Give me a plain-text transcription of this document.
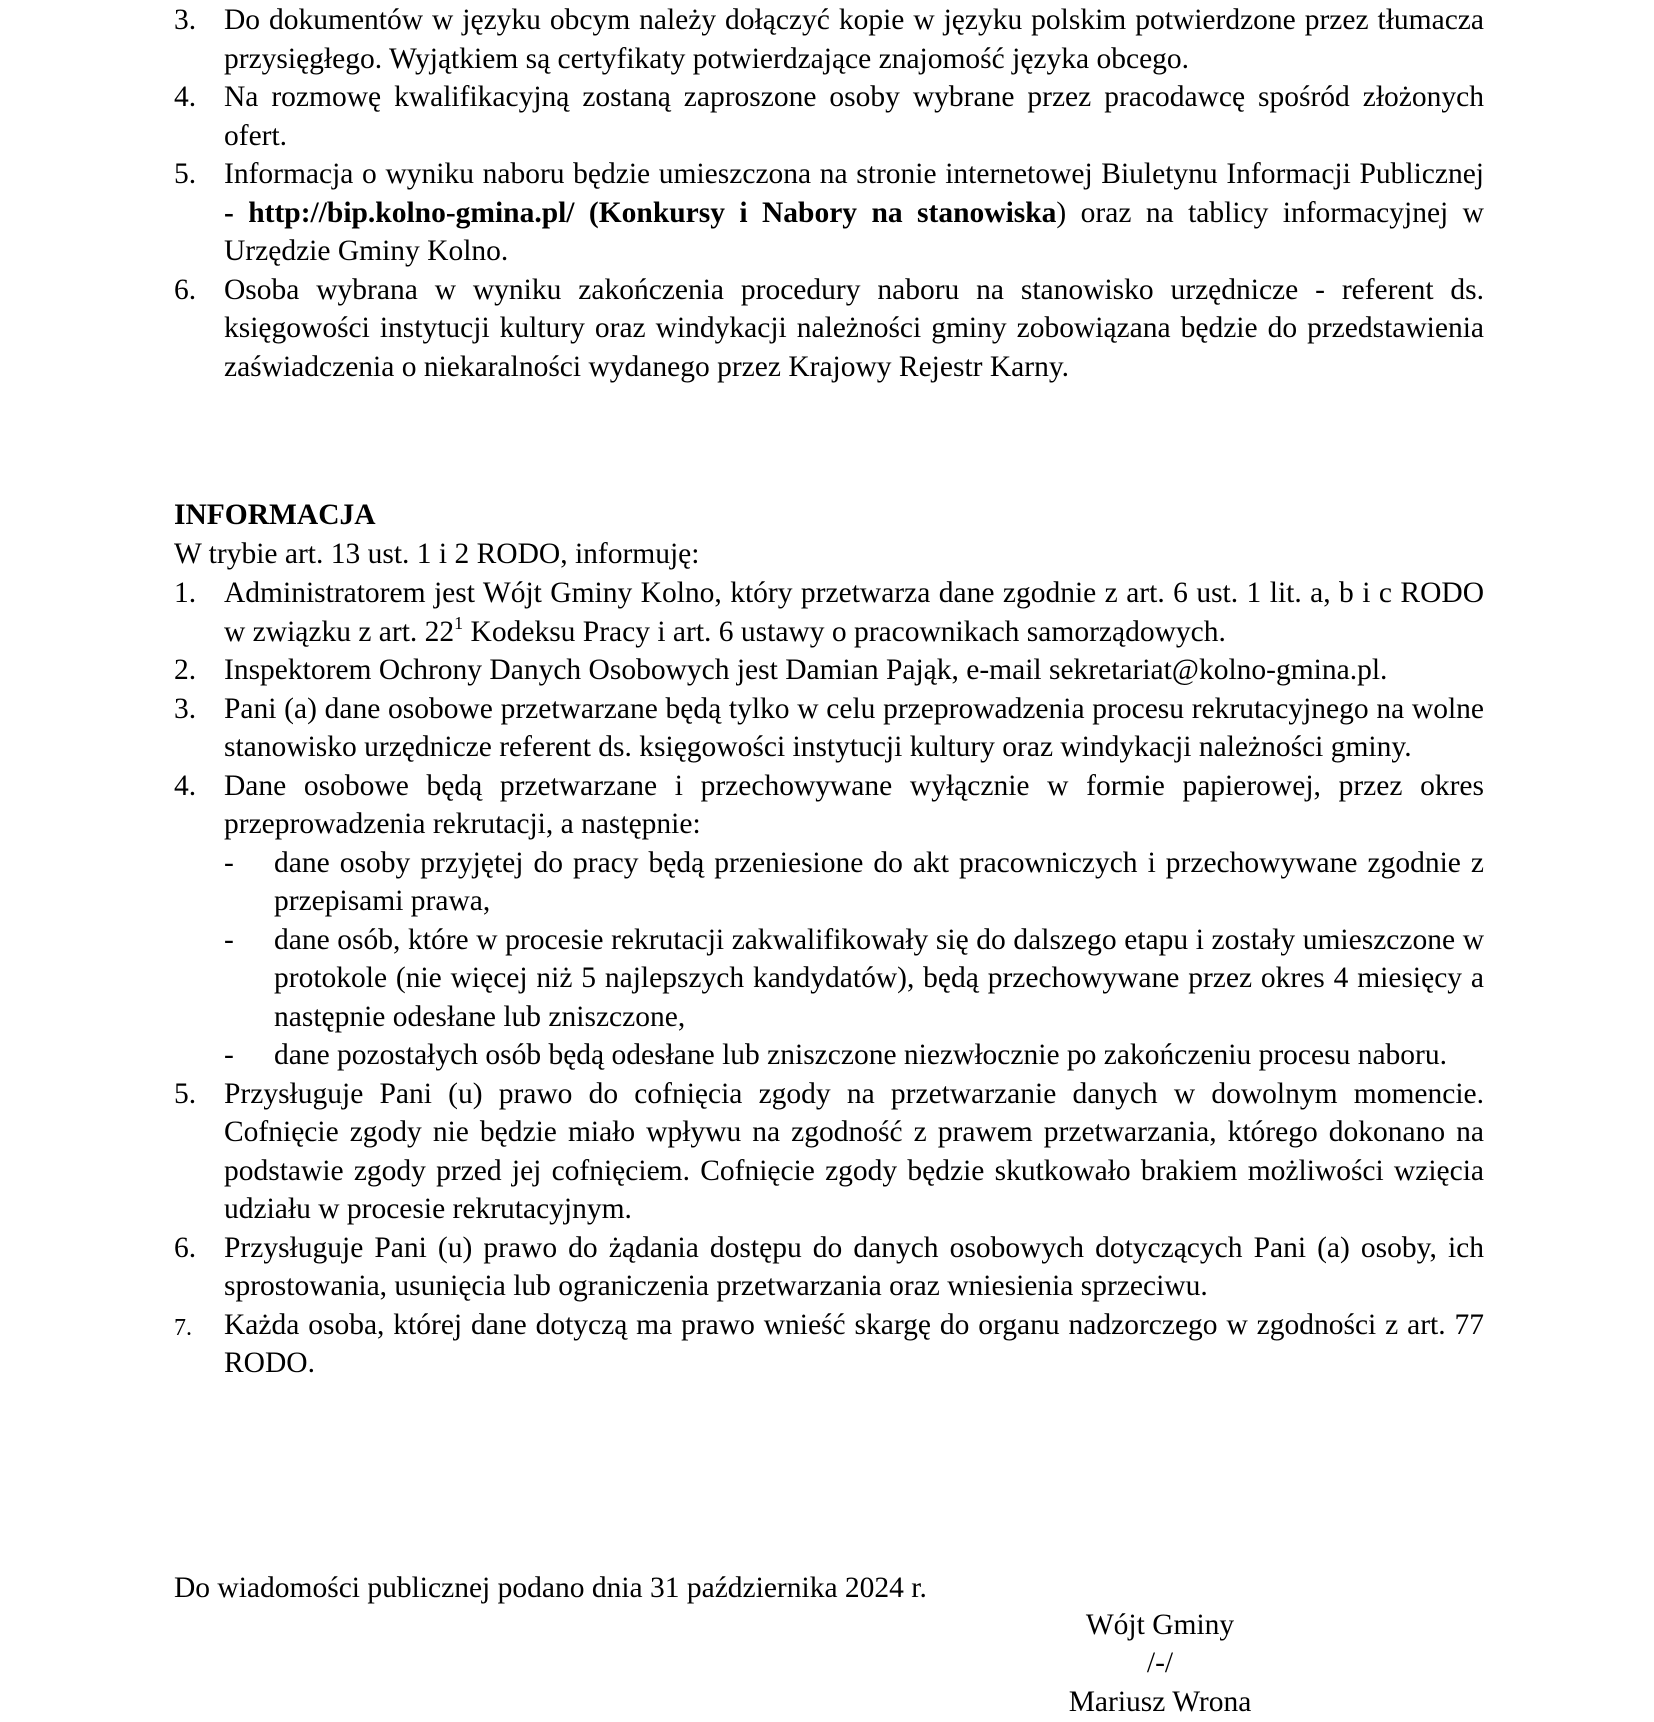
3. Do dokumentów w języku obcym należy dołączyć kopie w języku polskim potwierdzone przez tłumacza przysięgłego. Wyjątkiem są certyfikaty potwierdzające znajomość języka obcego.
4. Na rozmowę kwalifikacyjną zostaną zaproszone osoby wybrane przez pracodawcę spośród złożonych ofert.
5. Informacja o wyniku naboru będzie umieszczona na stronie internetowej Biuletynu Informacji Publicznej - http://bip.kolno-gmina.pl/ (Konkursy i Nabory na stanowiska) oraz na tablicy informacyjnej w Urzędzie Gminy Kolno.
6. Osoba wybrana w wyniku zakończenia procedury naboru na stanowisko urzędnicze - referent ds. księgowości instytucji kultury oraz windykacji należności gminy zobowiązana będzie do przedstawienia zaświadczenia o niekaralności wydanego przez Krajowy Rejestr Karny.
INFORMACJA
W trybie art. 13 ust. 1 i 2 RODO, informuję:
1. Administratorem jest Wójt Gminy Kolno, który przetwarza dane zgodnie z art. 6 ust. 1 lit. a, b i c RODO w związku z art. $22^1$ Kodeksu Pracy i art. 6 ustawy o pracownikach samorządowych.
2. Inspektorem Ochrony Danych Osobowych jest Damian Pająk, e-mail sekretariat@kolno-gmina.pl.
3. Pani (a) dane osobowe przetwarzane będą tylko w celu przeprowadzenia procesu rekrutacyjnego na wolne stanowisko urzędnicze referent ds. księgowości instytucji kultury oraz windykacji należności gminy.
4. Dane osobowe będą przetwarzane i przechowywane wyłącznie w formie papierowej, przez okres przeprowadzenia rekrutacji, a następnie:
- dane osoby przyjętej do pracy będą przeniesione do akt pracowniczych i przechowywane zgodnie z przepisami prawa,
- dane osób, które w procesie rekrutacji zakwalifikowały się do dalszego etapu i zostały umieszczone w protokole (nie więcej niż 5 najlepszych kandydatów), będą przechowywane przez okres 4 miesięcy a następnie odesłane lub zniszczone,
- dane pozostałych osób będą odesłane lub zniszczone niezwłocznie po zakończeniu procesu naboru.
5. Przysługuje Pani (u) prawo do cofnięcia zgody na przetwarzanie danych w dowolnym momencie. Cofnięcie zgody nie będzie miało wpływu na zgodność z prawem przetwarzania, którego dokonano na podstawie zgody przed jej cofnięciem. Cofnięcie zgody będzie skutkowało brakiem możliwości wzięcia udziału w procesie rekrutacyjnym.
6. Przysługuje Pani (u) prawo do żądania dostępu do danych osobowych dotyczących Pani (a) osoby, ich sprostowania, usunięcia lub ograniczenia przetwarzania oraz wniesienia sprzeciwu.
7. Każda osoba, której dane dotyczą ma prawo wnieść skargę do organu nadzorczego w zgodności z art. 77 RODO.
Do wiadomości publicznej podano dnia 31 października 2024 r.
Wójt Gminy
/-/
Mariusz Wrona
